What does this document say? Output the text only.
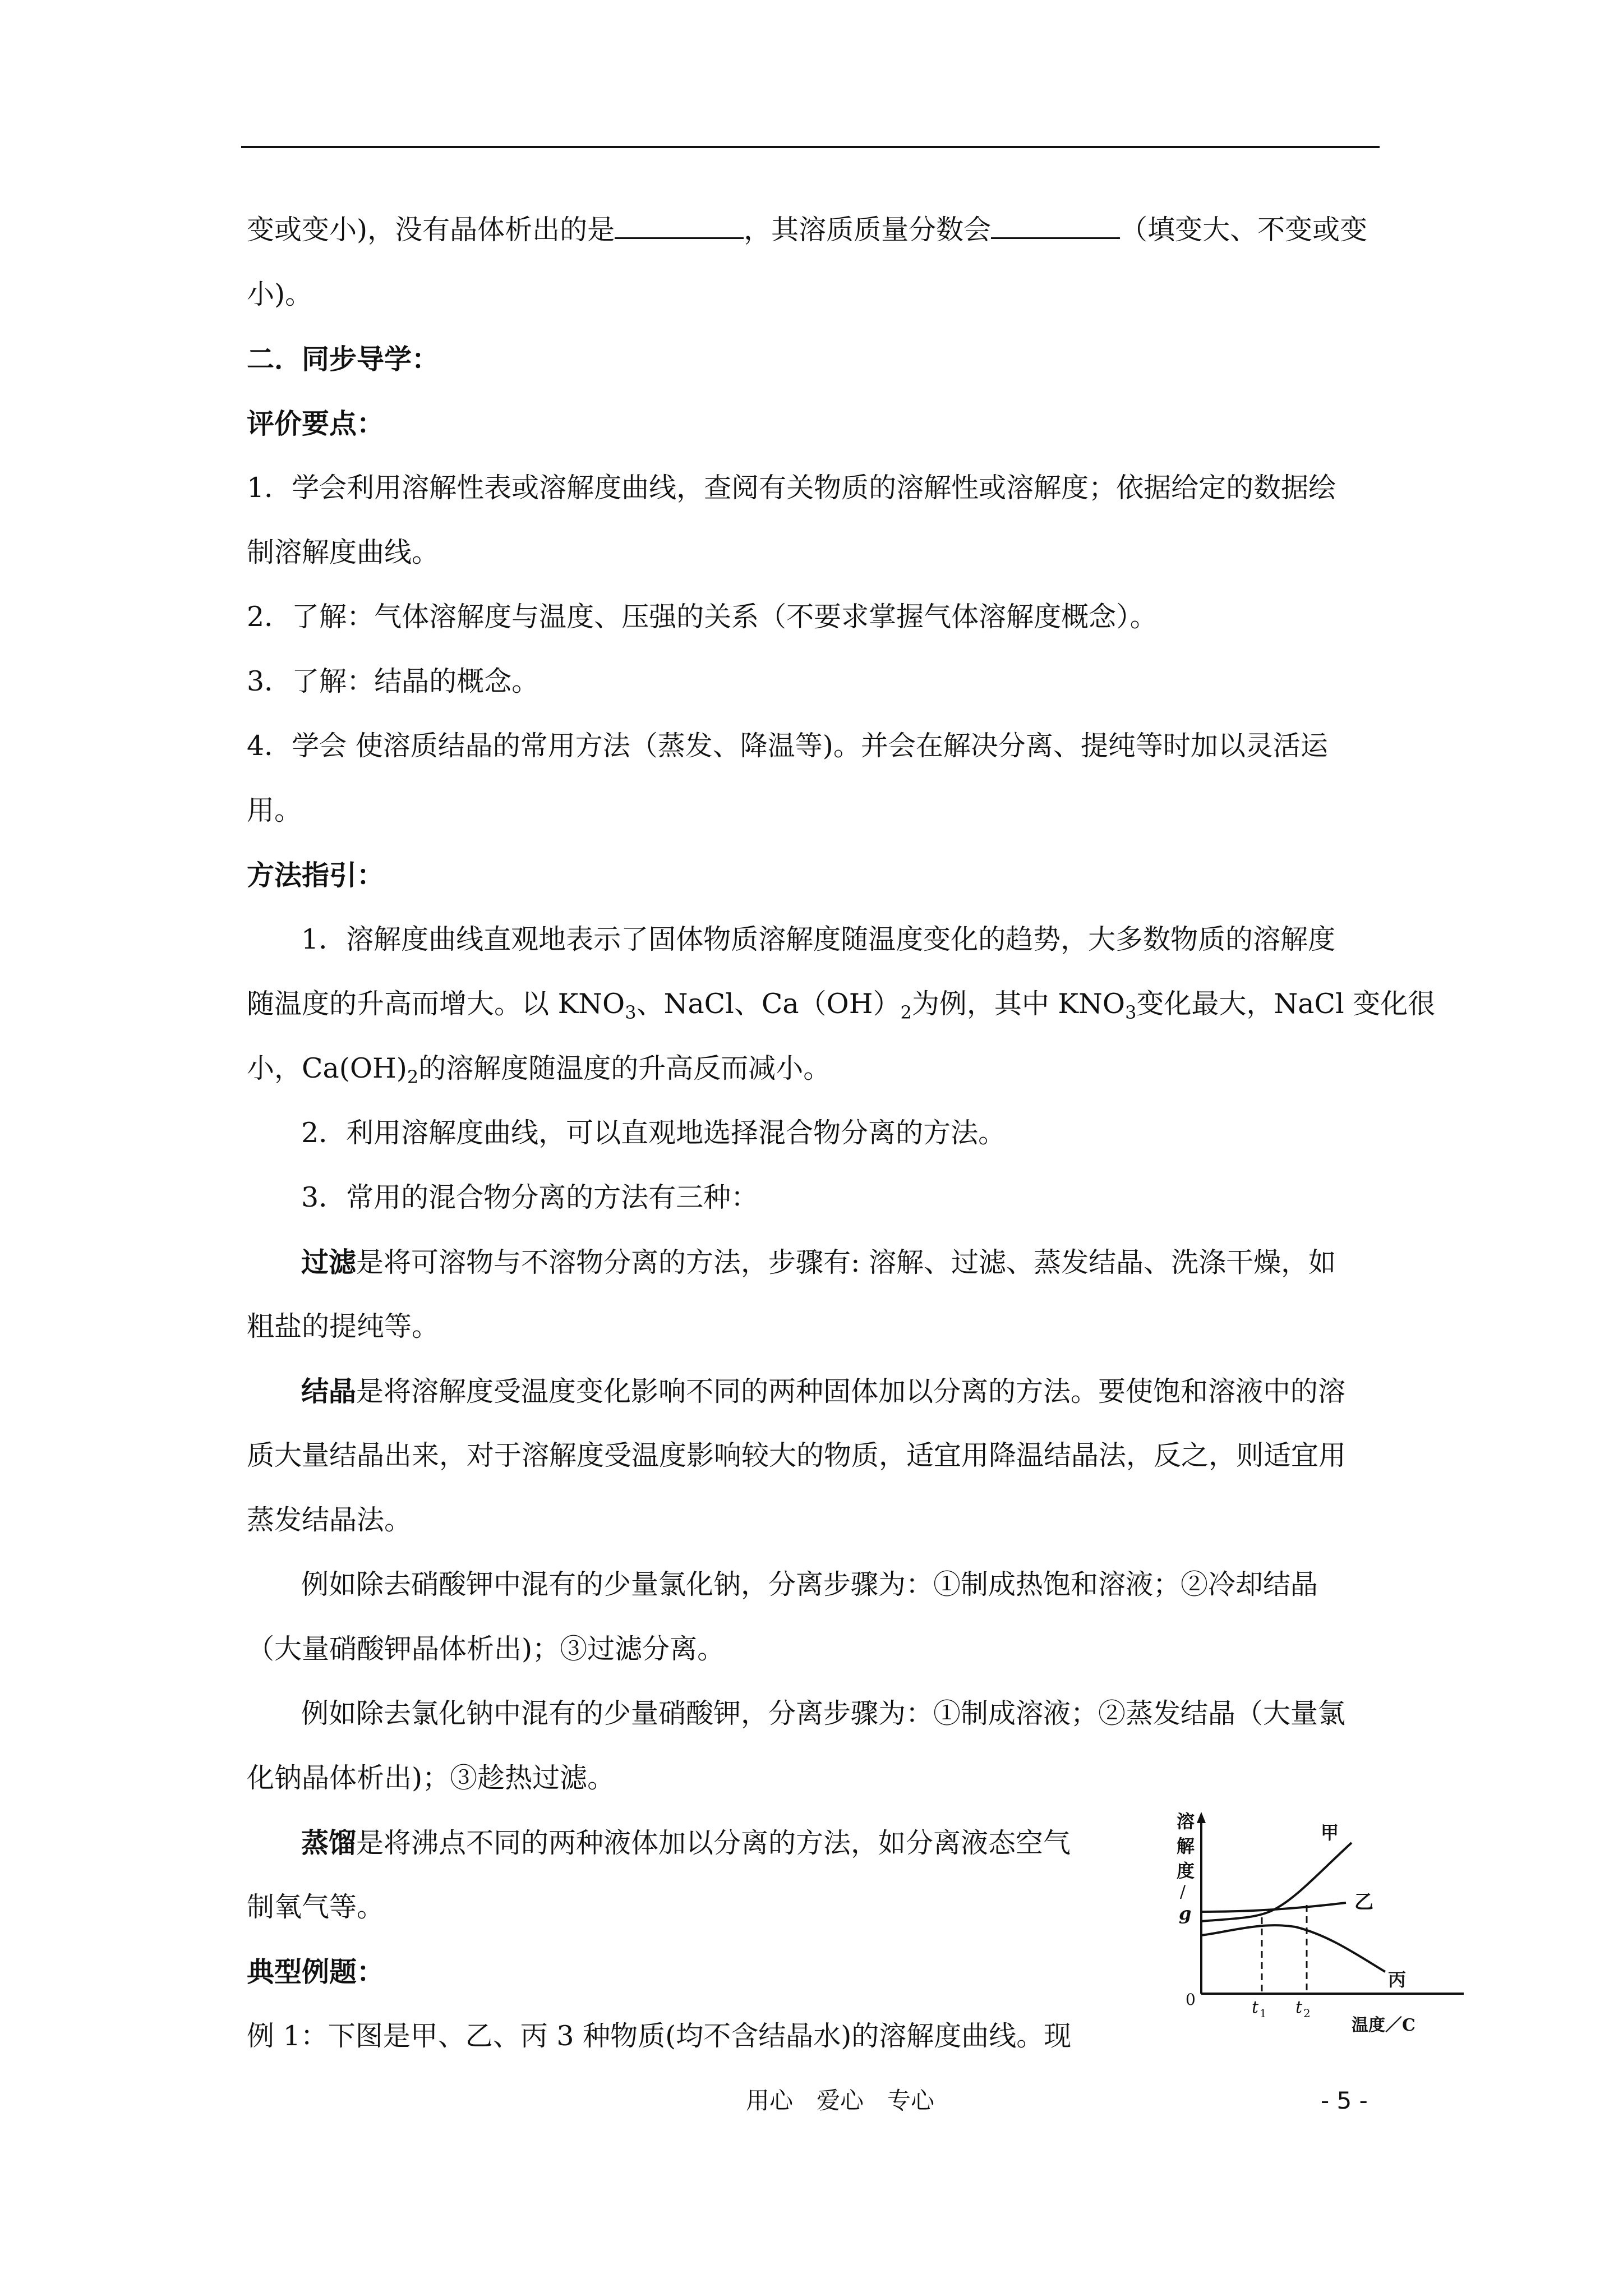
变或变小)，没有晶体析出的是	，其溶质质量分数会	（填变大、不变或变
小)。
二．同步导学：
评价要点：
1．学会利用溶解性表或溶解度曲线，查阅有关物质的溶解性或溶解度；依据给定的数据绘
制溶解度曲线。
2．了解：气体溶解度与温度、压强的关系（不要求掌握气体溶解度概念）。
3．了解：结晶的概念。
4．学会 使溶质结晶的常用方法（蒸发、降温等)。并会在解决分离、提纯等时加以灵活运
用。
方法指引：
1．溶解度曲线直观地表示了固体物质溶解度随温度变化的趋势，大多数物质的溶解度
随温度的升高而增大。以 $KNO_3$、NaCl、$Ca(OH)_2$为例，其中 $KNO_3$变化最大，NaCl 变化很
小，$Ca(OH)_2$的溶解度随温度的升高反而减小。
2．利用溶解度曲线，可以直观地选择混合物分离的方法。
3．常用的混合物分离的方法有三种：
过滤是将可溶物与不溶物分离的方法，步骤有: 溶解、过滤、蒸发结晶、洗涤干燥，如
粗盐的提纯等。
结晶是将溶解度受温度变化影响不同的两种固体加以分离的方法。要使饱和溶液中的溶
质大量结晶出来，对于溶解度受温度影响较大的物质，适宜用降温结晶法，反之，则适宜用
蒸发结晶法。
例如除去硝酸钾中混有的少量氯化钠，分离步骤为：①制成热饱和溶液；②冷却结晶
（大量硝酸钾晶体析出)；③过滤分离。
例如除去氯化钠中混有的少量硝酸钾，分离步骤为：①制成溶液；②蒸发结晶（大量氯
化钠晶体析出)；③趁热过滤。
蒸馏是将沸点不同的两种液体加以分离的方法，如分离液态空气
制氧气等。
典型例题：
例 1：下图是甲、乙、丙 3 种物质(均不含结晶水)的溶解度曲线。现
溶
解
度
/
g
甲
乙
丙
0	t 1 t 2
温度／C
用心　爱心　专心	- 5 -
